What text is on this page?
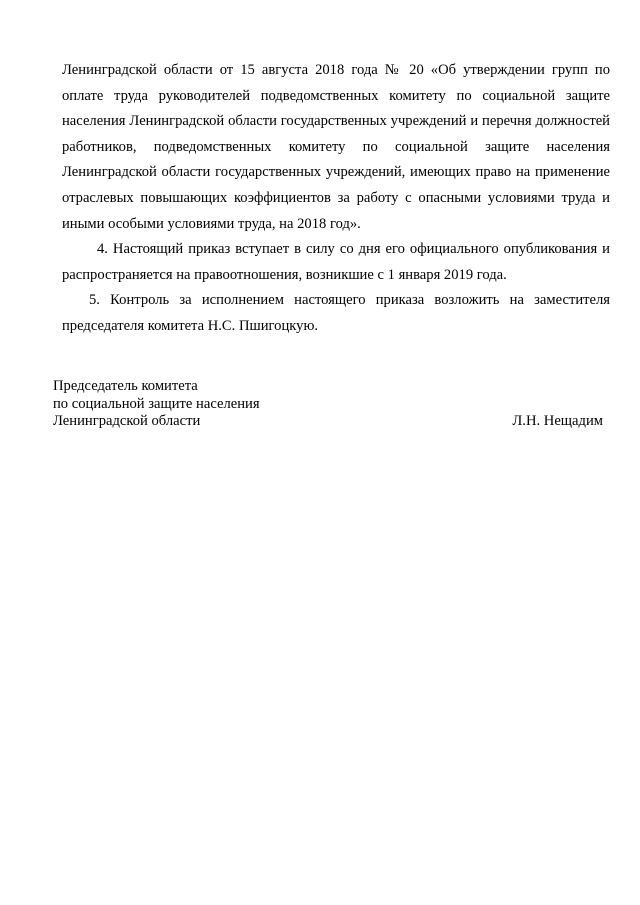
Ленинградской области от 15 августа 2018 года № 20 «Об утверждении групп по оплате труда руководителей подведомственных комитету по социальной защите населения Ленинградской области государственных учреждений и перечня должностей работников, подведомственных комитету по социальной защите населения Ленинградской области государственных учреждений, имеющих право на применение отраслевых повышающих коэффициентов за работу с опасными условиями труда и иными особыми условиями труда, на 2018 год».

4. Настоящий приказ вступает в силу со дня его официального опубликования и распространяется на правоотношения, возникшие с 1 января 2019 года.

5. Контроль за исполнением настоящего приказа возложить на заместителя председателя комитета Н.С. Пшигоцкую.

Председатель комитета
по социальной защите населения
Ленинградской области	Л.Н. Нещадим
